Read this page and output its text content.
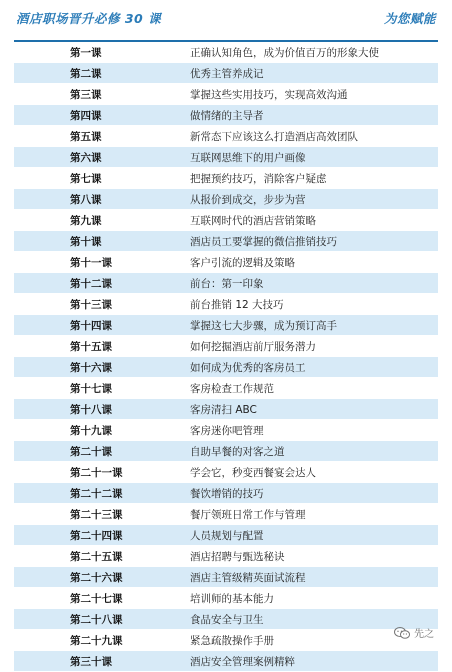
酒店职场晋升必修 30 课	为您赋能
第一课	正确认知角色，成为价值百万的形象大使
第二课	优秀主管养成记
第三课	掌握这些实用技巧，实现高效沟通
第四课	做情绪的主导者
第五课	新常态下应该这么打造酒店高效团队
第六课	互联网思维下的用户画像
第七课	把握预约技巧，消除客户疑虑
第八课	从报价到成交，步步为营
第九课	互联网时代的酒店营销策略
第十课	酒店员工要掌握的微信推销技巧
第十一课	客户引流的逻辑及策略
第十二课	前台：第一印象
第十三课	前台推销 12 大技巧
第十四课	掌握这七大步骤，成为预订高手
第十五课	如何挖掘酒店前厅服务潜力
第十六课	如何成为优秀的客房员工
第十七课	客房检查工作规范
第十八课	客房清扫 ABC
第十九课	客房迷你吧管理
第二十课	自助早餐的对客之道
第二十一课	学会它，秒变西餐宴会达人
第二十二课	餐饮增销的技巧
第二十三课	餐厅领班日常工作与管理
第二十四课	人员规划与配置
第二十五课	酒店招聘与甄选秘诀
第二十六课	酒店主管级精英面试流程
第二十七课	培训师的基本能力
第二十八课	食品安全与卫生
第二十九课	紧急疏散操作手册
第三十课	酒店安全管理案例精粹
先之
